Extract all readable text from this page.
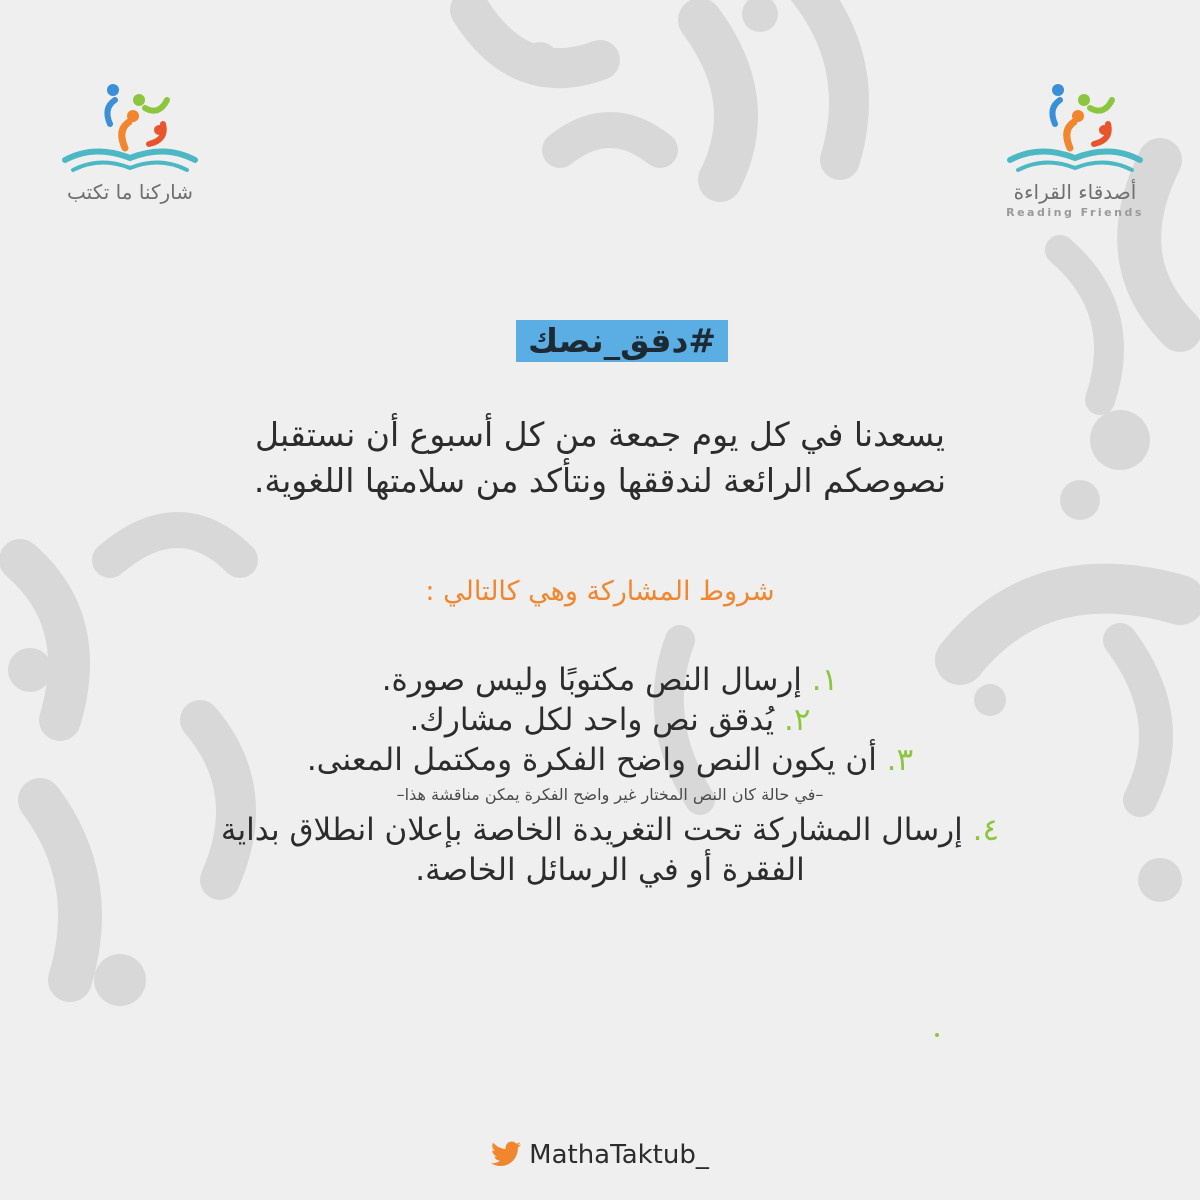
شاركنا ما تكتب	أصدقاء القراءة
Reading Friends
#دقق_نصك
يسعدنا في كل يوم جمعة من كل أسبوع أن نستقبل
نصوصكم الرائعة لندققها ونتأكد من سلامتها اللغوية.
شروط المشاركة وهي كالتالي :
١. إرسال النص مكتوبًا وليس صورة.
٢. يُدقق نص واحد لكل مشارك.
٣. أن يكون النص واضح الفكرة ومكتمل المعنى.
–في حالة كان النص المختار غير واضح الفكرة يمكن مناقشة هذا–
٤. إرسال المشاركة تحت التغريدة الخاصة بإعلان انطلاق بداية
الفقرة أو في الرسائل الخاصة.
MathaTaktub_
